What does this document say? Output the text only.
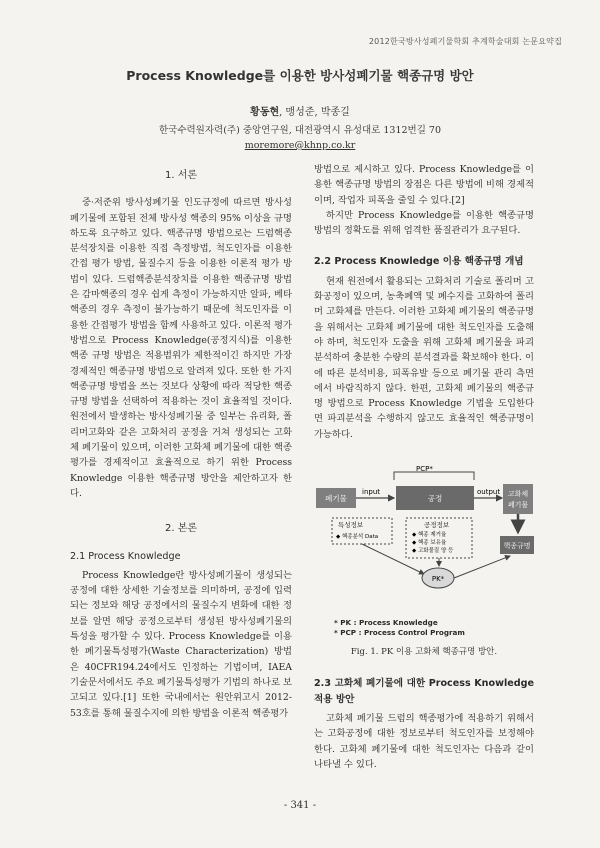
2012한국방사성폐기물학회 추계학술대회 논문요약집
Process Knowledge를 이용한 방사성폐기물 핵종규명 방안
황동현, 맹성준, 박종길
한국수력원자력(주) 중앙연구원, 대전광역시 유성대로 1312번길 70
moremore@khnp.co.kr
1. 서론

중·저준위 방사성폐기물 인도규정에 따르면 방사성폐기물에 포함된 전체 방사성 핵종의 95% 이상을 규명하도록 요구하고 있다. 핵종규명 방법으로는 드럼핵종분석장치를 이용한 직접 측정방법, 척도인자를 이용한 간접 평가 방법, 물질수지 등을 이용한 이론적 평가 방법이 있다. 드럼핵종분석장치를 이용한 핵종규명 방법은 감마핵종의 경우 쉽게 측정이 가능하지만 알파, 베타핵종의 경우 측정이 불가능하기 때문에 척도인자를 이용한 간접평가 방법을 함께 사용하고 있다. 이론적 평가 방법으로 Process Knowledge(공정지식)를 이용한 핵종 규명 방법은 적용범위가 제한적이긴 하지만 가장 경제적인 핵종규명 방법으로 알려져 있다. 또한 한 가지 핵종규명 방법을 쓰는 것보다 상황에 따라 적당한 핵종규명 방법을 선택하여 적용하는 것이 효율적일 것이다. 원전에서 발생하는 방사성폐기물 중 일부는 유리화, 폴리머고화와 같은 고화처리 공정을 거쳐 생성되는 고화체 폐기물이 있으며, 이러한 고화체 폐기물에 대한 핵종평가를 경제적이고 효율적으로 하기 위한 Process Knowledge 이용한 핵종규명 방안을 제안하고자 한다.

2. 본론
2.1 Process Knowledge

Process Knowledge란 방사성폐기물이 생성되는 공정에 대한 상세한 기술정보를 의미하며, 공정에 입력되는 정보와 해당 공정에서의 물질수지 변화에 대한 정보를 알면 해당 공정으로부터 생성된 방사성폐기물의 특성을 평가할 수 있다. Process Knowledge를 이용한 폐기물특성평가(Waste Characterization) 방법은 40CFR194.24에서도 인정하는 기법이며, IAEA 기술문서에서도 주요 폐기물특성평가 기법의 하나로 보고되고 있다.[1] 또한 국내에서는 원안위고시 2012-53호를 통해 물질수지에 의한 방법을 이론적 핵종평가

방법으로 제시하고 있다. Process Knowledge를 이용한 핵종규명 방법의 장점은 다른 방법에 비해 경제적이며, 작업자 피폭을 줄일 수 있다.[2]

하지만 Process Knowledge를 이용한 핵종규명 방법의 정확도를 위해 엄격한 품질관리가 요구된다.

2.2 Process Knowledge 이용 핵종규명 개념

현재 원전에서 활용되는 고화처리 기술로 폴리머 고화공정이 있으며, 농축폐액 및 폐수지를 고화하여 폴리머 고화체를 만든다. 이러한 고화체 폐기물의 핵종규명을 위해서는 고화체 폐기물에 대한 척도인자를 도출해야 하며, 척도인자 도출을 위해 고화체 폐기물을 파괴분석하여 충분한 수량의 분석결과를 확보해야 한다. 이에 따른 분석비용, 피폭유발 등으로 폐기물 관리 측면에서 바람직하지 않다. 한편, 고화체 폐기물의 핵종규명 방법으로 Process Knowledge 기법을 도입한다면 파괴분석을 수행하지 않고도 효율적인 핵종규명이 가능하다.

PCP*
폐기물
input
공정
output 고화체
폐기물
핵종규명
특성정보
◆ 핵종분석 Data
공정정보
◆ 핵종 제거율
◆ 핵종 보유율
◆ 고화물질 양 등
PK*
* PK : Process Knowledge
* PCP : Process Control Program
Fig. 1. PK 이용 고화체 핵종규명 방안.
2.3 고화체 폐기물에 대한 Process Knowledge 적용 방안

고화체 폐기물 드럼의 핵종평가에 적용하기 위해서는 고화공정에 대한 정보로부터 척도인자를 보정해야 한다. 고화체 폐기물에 대한 척도인자는 다음과 같이 나타낼 수 있다.

- 341 -
